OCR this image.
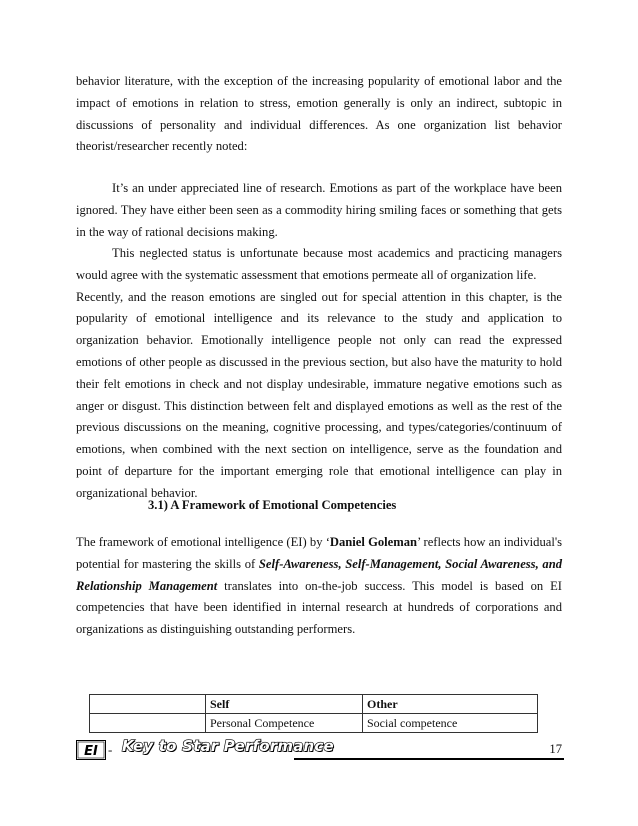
behavior literature, with the exception of the increasing popularity of emotional labor and the impact of emotions in relation to stress, emotion generally is only an indirect, subtopic in discussions of personality and individual differences. As one organization list behavior theorist/researcher recently noted:

It’s an under appreciated line of research. Emotions as part of the workplace have been ignored. They have either been seen as a commodity hiring smiling faces or something that gets in the way of rational decisions making.

This neglected status is unfortunate because most academics and practicing managers would agree with the systematic assessment that emotions permeate all of organization life.
Recently, and the reason emotions are singled out for special attention in this chapter, is the popularity of emotional intelligence and its relevance to the study and application to organization behavior. Emotionally intelligence people not only can read the expressed emotions of other people as discussed in the previous section, but also have the maturity to hold their felt emotions in check and not display undesirable, immature negative emotions such as anger or disgust. This distinction between felt and displayed emotions as well as the rest of the previous discussions on the meaning, cognitive processing, and types/categories/continuum of emotions, when combined with the next section on intelligence, serve as the foundation and point of departure for the important emerging role that emotional intelligence can play in organizational behavior.

3.1) A Framework of Emotional Competencies

The framework of emotional intelligence (EI) by ‘Daniel Goleman’ reflects how an individual's potential for mastering the skills of Self-Awareness, Self-Management, Social Awareness, and Relationship Management translates into on-the-job success. This model is based on EI competencies that have been identified in internal research at hundreds of corporations and organizations as distinguishing outstanding performers.

	Self	Other
	Personal Competence	Social competence
EI - Key to Star Performance	17
